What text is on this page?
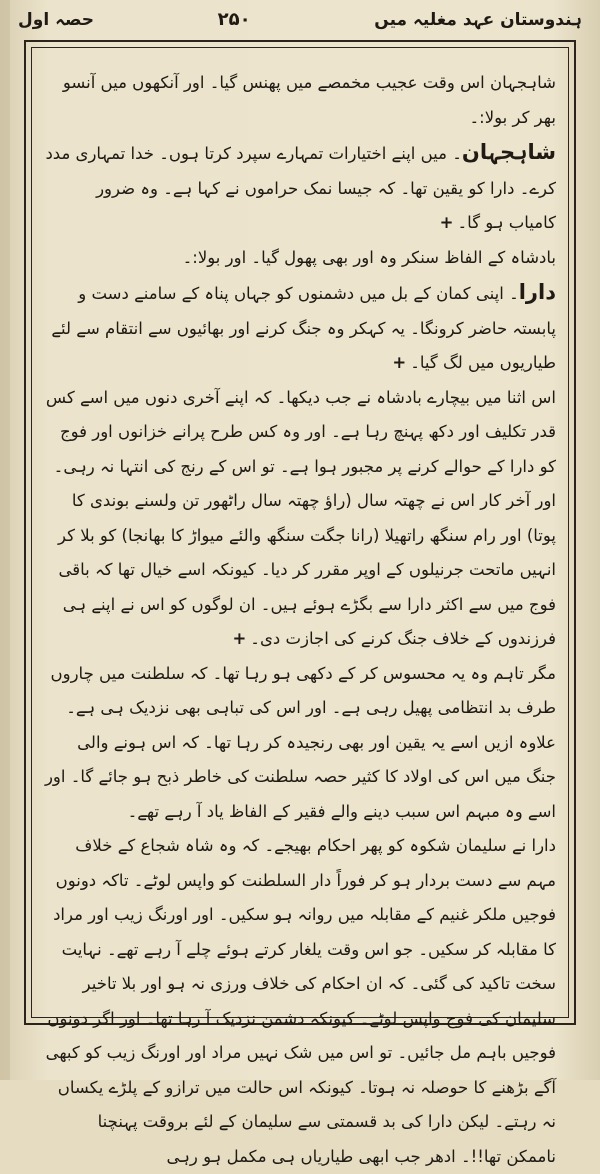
ہندوستان عہد مغلیہ میں
۲۵۰
حصہ اول

شاہجہان اس وقت عجیب مخمصے میں پھنس گیا۔ اور آنکھوں میں آنسو بھر کر بولا:۔

شاہجہان۔ میں اپنے اختیارات تمہارے سپرد کرتا ہوں۔ خدا تمہاری مدد کرے۔ دارا کو یقین تھا۔ کہ جیسا نمک حراموں نے کہا ہے۔ وہ ضرور کامیاب ہو گا۔+

بادشاہ کے الفاظ سنکر وہ اور بھی پھول گیا۔ اور بولا:۔

دارا۔ اپنی کمان کے بل میں دشمنوں کو جہاں پناہ کے سامنے دست و پابستہ حاضر کرونگا۔ یہ کہکر وہ جنگ کرنے اور بھائیوں سے انتقام سے لئے طیاریوں میں لگ گیا۔+

اس اثنا میں بیچارے بادشاہ نے جب دیکھا۔ کہ اپنے آخری دنوں میں اسے کس قدر تکلیف اور دکھ پہنچ رہا ہے۔ اور وہ کس طرح پرانے خزانوں اور فوج کو دارا کے حوالے کرنے پر مجبور ہوا ہے۔ تو اس کے رنج کی انتہا نہ رہی۔ اور آخر کار اس نے چھتہ سال (راؤ چھتہ سال راٹھور تن ولسنے بوندی کا پوتا) اور رام سنگھ راتھیلا (رانا جگت سنگھ والئے میواڑ کا بھانجا) کو بلا کر انہیں ماتحت جرنیلوں کے اوپر مقرر کر دیا۔ کیونکہ اسے خیال تھا کہ باقی فوج میں سے اکثر دارا سے بگڑے ہوئے ہیں۔ ان لوگوں کو اس نے اپنے ہی فرزندوں کے خلاف جنگ کرنے کی اجازت دی۔+

مگر تاہم وہ یہ محسوس کر کے دکھی ہو رہا تھا۔ کہ سلطنت میں چاروں طرف بد انتظامی پھیل رہی ہے۔ اور اس کی تباہی بھی نزدیک ہی ہے۔ علاوہ ازیں اسے یہ یقین اور بھی رنجیدہ کر رہا تھا۔ کہ اس ہونے والی جنگ میں اس کی اولاد کا کثیر حصہ سلطنت کی خاطر ذبح ہو جائے گا۔ اور اسے وہ مبہم اس سبب دینے والے فقیر کے الفاظ یاد آ رہے تھے۔

دارا نے سلیمان شکوہ کو پھر احکام بھیجے۔ کہ وہ شاہ شجاع کے خلاف مہم سے دست بردار ہو کر فوراً دار السلطنت کو واپس لوٹے۔ تاکہ دونوں فوجیں ملکر غنیم کے مقابلہ میں روانہ ہو سکیں۔ اور اورنگ زیب اور مراد کا مقابلہ کر سکیں۔ جو اس وقت یلغار کرتے ہوئے چلے آ رہے تھے۔ نہایت سخت تاکید کی گئی۔ کہ ان احکام کی خلاف ورزی نہ ہو اور بلا تاخیر سلیمان کی فوج واپس لوٹے۔ کیونکہ دشمن نزدیک آ رہا تھا۔ اور اگر دونوں فوجیں باہم مل جائیں۔ تو اس میں شک نہیں مراد اور اورنگ زیب کو کبھی آگے بڑھنے کا حوصلہ نہ ہوتا۔ کیونکہ اس حالت میں ترازو کے پلڑے یکساں نہ رہتے۔ لیکن دارا کی بد قسمتی سے سلیمان کے لئے بروقت پہنچنا ناممکن تھا!!۔ ادھر جب ابھی طیاریاں ہی مکمل ہو رہی
